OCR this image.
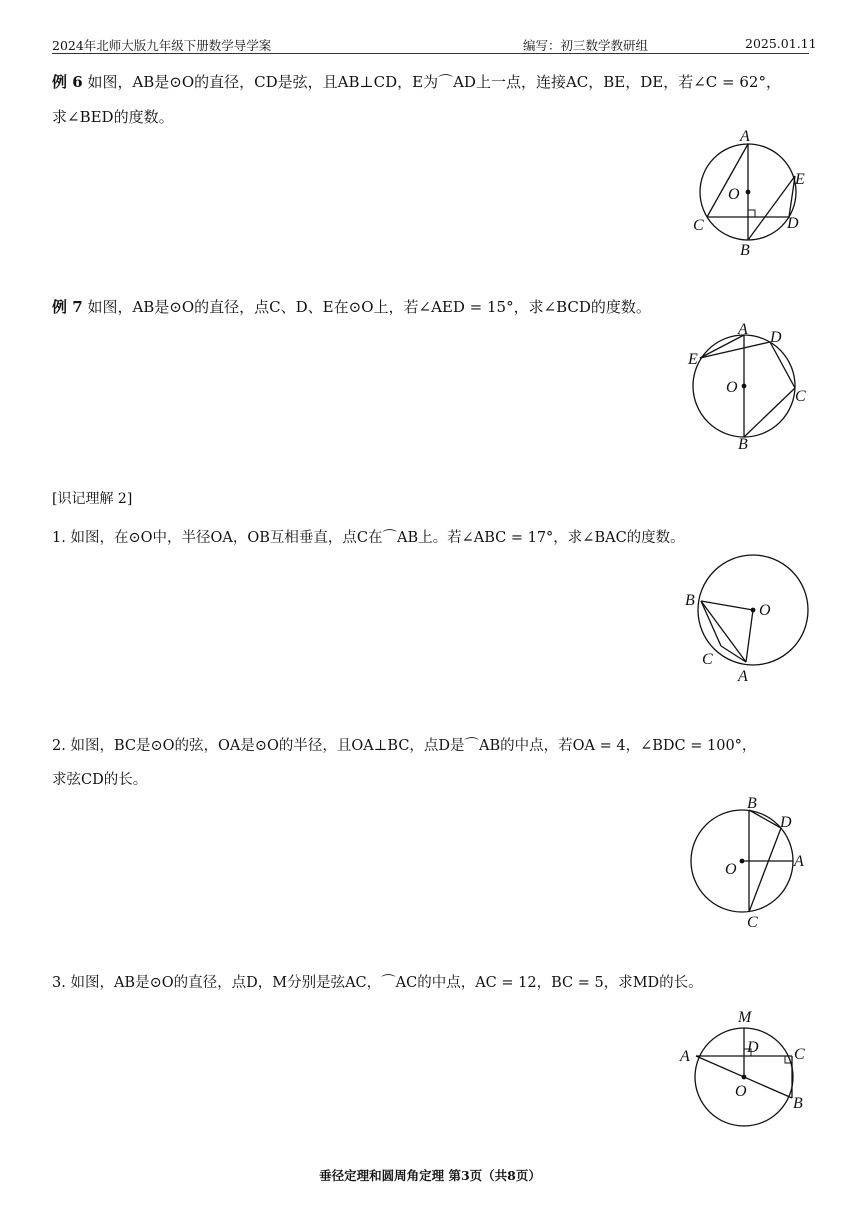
2024年北师大版九年级下册数学导学案	编写：初三数学教研组	2025.01.11
例 6 如图，AB是⊙O的直径，CD是弦，且AB⊥CD，E为⌒AD上一点，连接AC，BE，DE，若∠C = 62°，
求∠BED的度数。
A
O
B
C	D
E
例 7 如图，AB是⊙O的直径，点C、D、E在⊙O上，若∠AED = 15°，求∠BCD的度数。
A D
E
O
C
B
[识记理解 2]
1. 如图，在⊙O中，半径OA，OB互相垂直，点C在⌒AB上。若∠ABC = 17°，求∠BAC的度数。
B
O
C
A
2. 如图，BC是⊙O的弦，OA是⊙O的半径，且OA⊥BC，点D是⌒AB的中点，若OA = 4，∠BDC = 100°，
求弦CD的长。
B
D
A
O
C
3. 如图，AB是⊙O的直径，点D，M分别是弦AC，⌒AC的中点，AC = 12，BC = 5，求MD的长。
M
D
A	C
O
B
垂径定理和圆周角定理 第3页（共8页）
